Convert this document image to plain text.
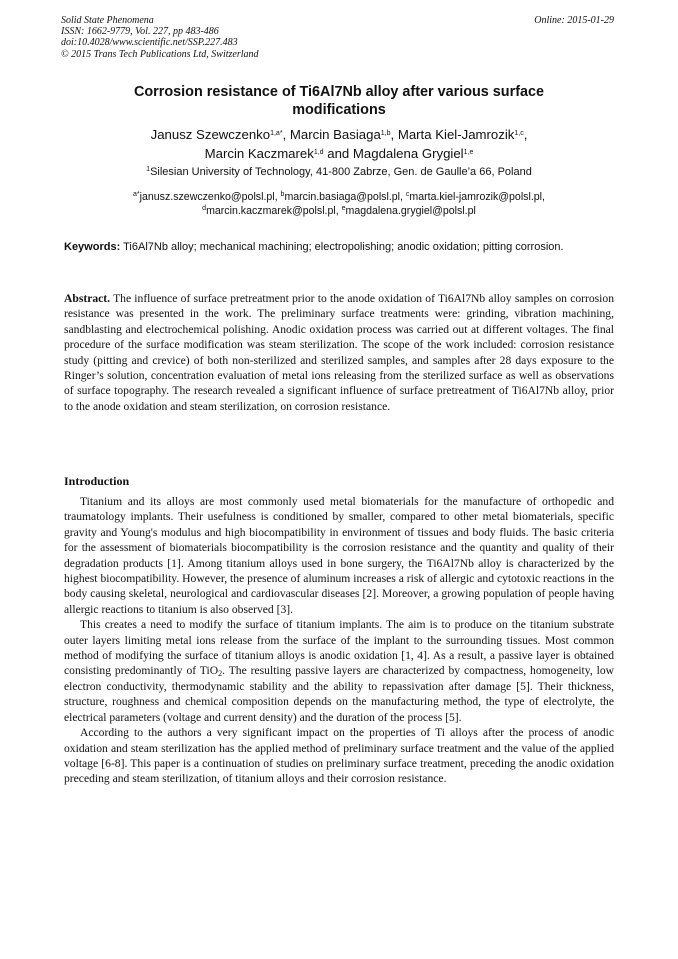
Solid State Phenomena
ISSN: 1662-9779, Vol. 227, pp 483-486
doi:10.4028/www.scientific.net/SSP.227.483
© 2015 Trans Tech Publications Ltd, Switzerland
Online: 2015-01-29
Corrosion resistance of Ti6Al7Nb alloy after various surface modifications
Janusz Szewczenko$^{1,a*}$, Marcin Basiaga$^{1,b}$, Marta Kiel-Jamrozik$^{1,c}$,
Marcin Kaczmarek$^{1,d}$ and Magdalena Grygiel$^{1,e}$
$^1$Silesian University of Technology, 41-800 Zabrze, Gen. de Gaulle’a 66, Poland
$^{a*}$janusz.szewczenko@polsl.pl, $^b$marcin.basiaga@polsl.pl, $^c$marta.kiel-jamrozik@polsl.pl,
$^d$marcin.kaczmarek@polsl.pl, $^e$magdalena.grygiel@polsl.pl
Keywords: Ti6Al7Nb alloy; mechanical machining; electropolishing; anodic oxidation; pitting corrosion.

Abstract. The influence of surface pretreatment prior to the anode oxidation of Ti6Al7Nb alloy samples on corrosion resistance was presented in the work. The preliminary surface treatments were: grinding, vibration machining, sandblasting and electrochemical polishing. Anodic oxidation process was carried out at different voltages. The final procedure of the surface modification was steam sterilization. The scope of the work included: corrosion resistance study (pitting and crevice) of both non-sterilized and sterilized samples, and samples after 28 days exposure to the Ringer’s solution, concentration evaluation of metal ions releasing from the sterilized surface as well as observations of surface topography. The research revealed a significant influence of surface pretreatment of Ti6Al7Nb alloy, prior to the anode oxidation and steam sterilization, on corrosion resistance.

Introduction

Titanium and its alloys are most commonly used metal biomaterials for the manufacture of orthopedic and traumatology implants. Their usefulness is conditioned by smaller, compared to other metal biomaterials, specific gravity and Young's modulus and high biocompatibility in environment of tissues and body fluids. The basic criteria for the assessment of biomaterials biocompatibility is the corrosion resistance and the quantity and quality of their degradation products [1]. Among titanium alloys used in bone surgery, the Ti6Al7Nb alloy is characterized by the highest biocompatibility. However, the presence of aluminum increases a risk of allergic and cytotoxic reactions in the body causing skeletal, neurological and cardiovascular diseases [2]. Moreover, a growing population of people having allergic reactions to titanium is also observed [3].

This creates a need to modify the surface of titanium implants. The aim is to produce on the titanium substrate outer layers limiting metal ions release from the surface of the implant to the surrounding tissues. Most common method of modifying the surface of titanium alloys is anodic oxidation [1, 4]. As a result, a passive layer is obtained consisting predominantly of TiO$_2$. The resulting passive layers are characterized by compactness, homogeneity, low electron conductivity, thermodynamic stability and the ability to repassivation after damage [5]. Their thickness, structure, roughness and chemical composition depends on the manufacturing method, the type of electrolyte, the electrical parameters (voltage and current density) and the duration of the process [5].

According to the authors a very significant impact on the properties of Ti alloys after the process of anodic oxidation and steam sterilization has the applied method of preliminary surface treatment and the value of the applied voltage [6-8]. This paper is a continuation of studies on preliminary surface treatment, preceding the anodic oxidation preceding and steam sterilization, of titanium alloys and their corrosion resistance.
